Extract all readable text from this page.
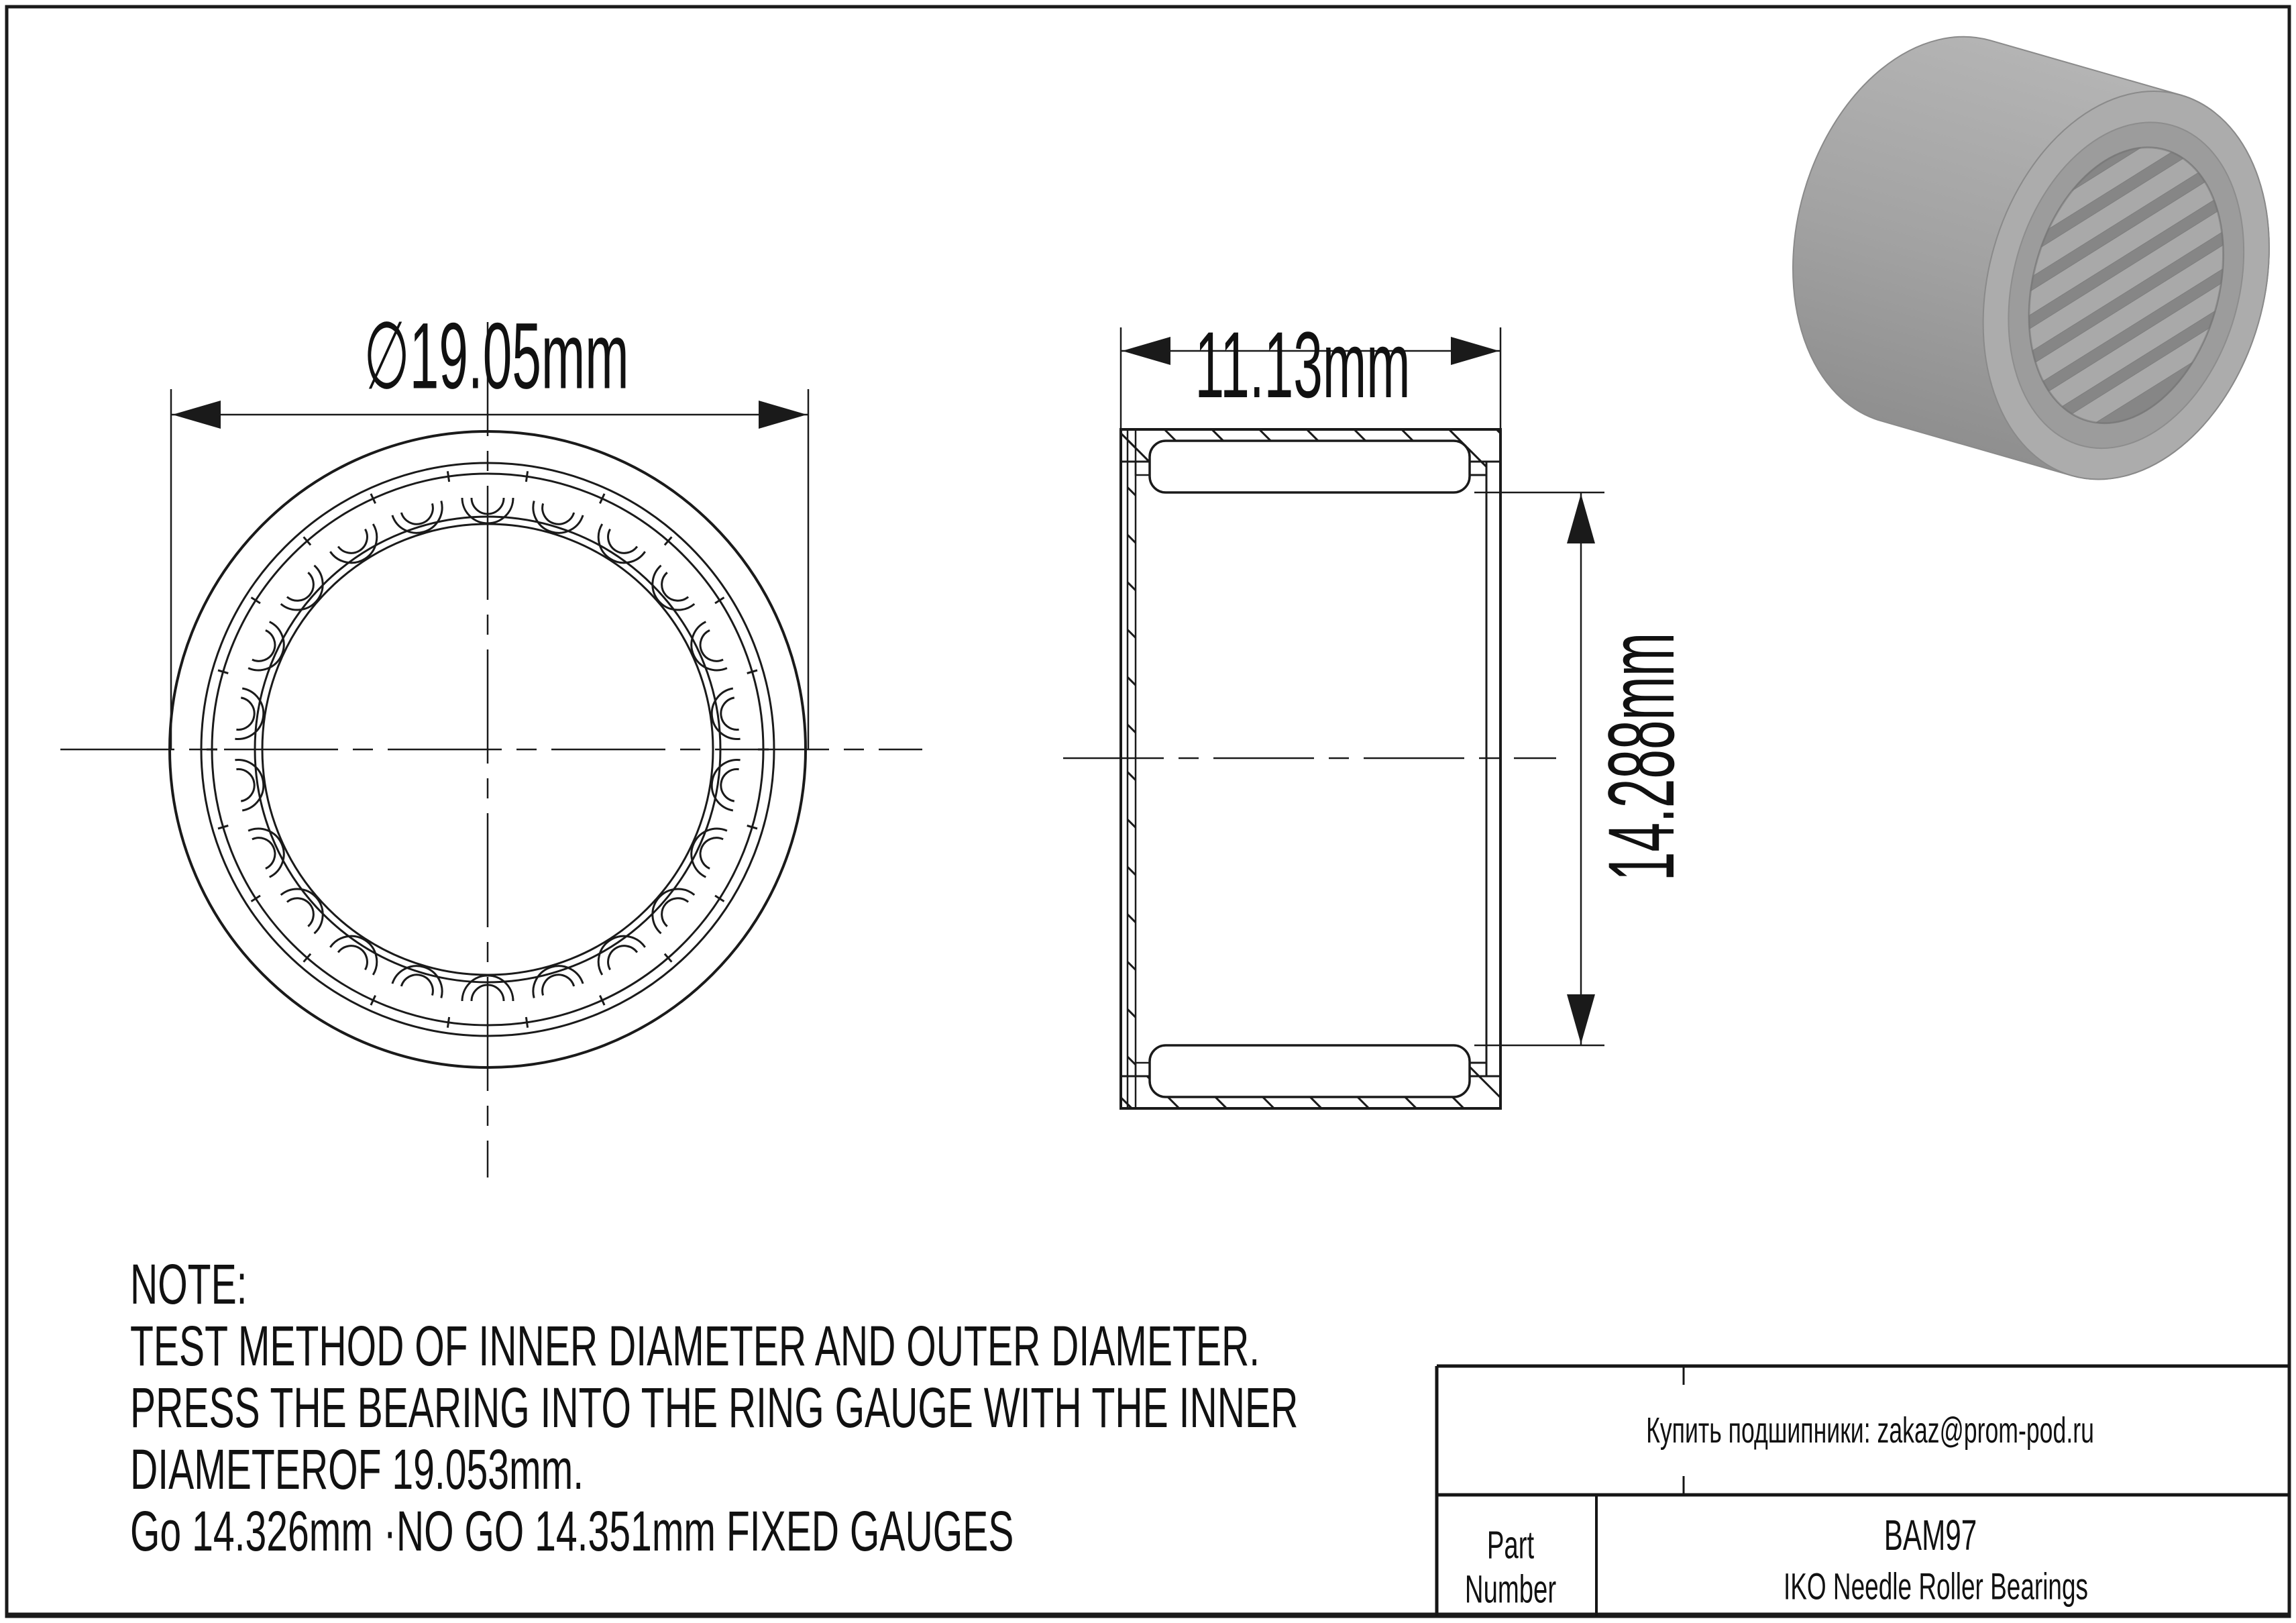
∅19.05mm	11.13mm
14.288mm
NOTE:
TEST METHOD OF INNER DIAMETER AND OUTER DIAMETER.
PRESS THE BEARING INTO THE RING GAUGE WITH THE INNER
DIAMETEROF 19.053mm.
Go 14.326mm ·NO GO 14.351mm FIXED GAUGES
Купить подшипники: zakaz@prom-pod.ru
Part
Number
BAM97
IKO Needle Roller Bearings
